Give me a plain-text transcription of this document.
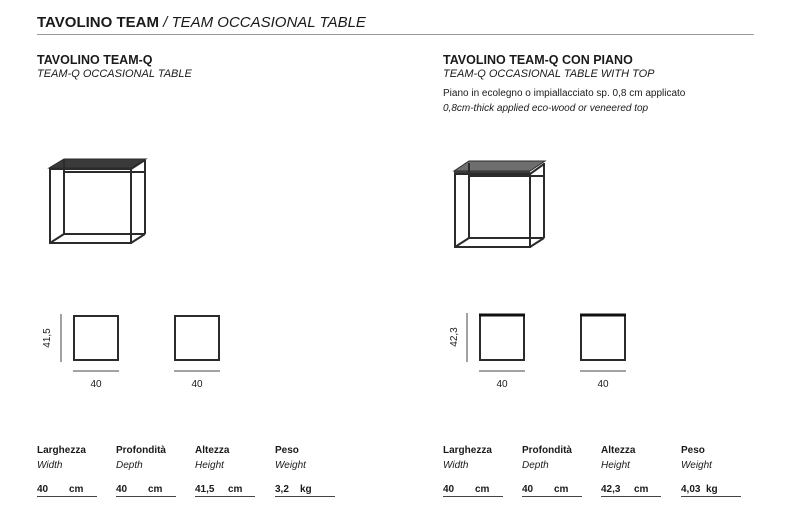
TAVOLINO TEAM / TEAM OCCASIONAL TABLE
TAVOLINO TEAM-Q
TEAM-Q OCCASIONAL TABLE
41,5
40	40
Larghezza
Width
40 cm
Profondità
Depth
40 cm
Altezza
Height
41,5 cm
Peso
Weight
3,2 kg
TAVOLINO TEAM-Q CON PIANO
TEAM-Q OCCASIONAL TABLE WITH TOP
Piano in ecolegno o impiallacciato sp. 0,8 cm applicato
0,8cm-thick applied eco-wood or veneered top
42,3
40	40
Larghezza
Width
40 cm
Profondità
Depth
40 cm
Altezza
Height
42,3 cm
Peso
Weight
4,03 kg
